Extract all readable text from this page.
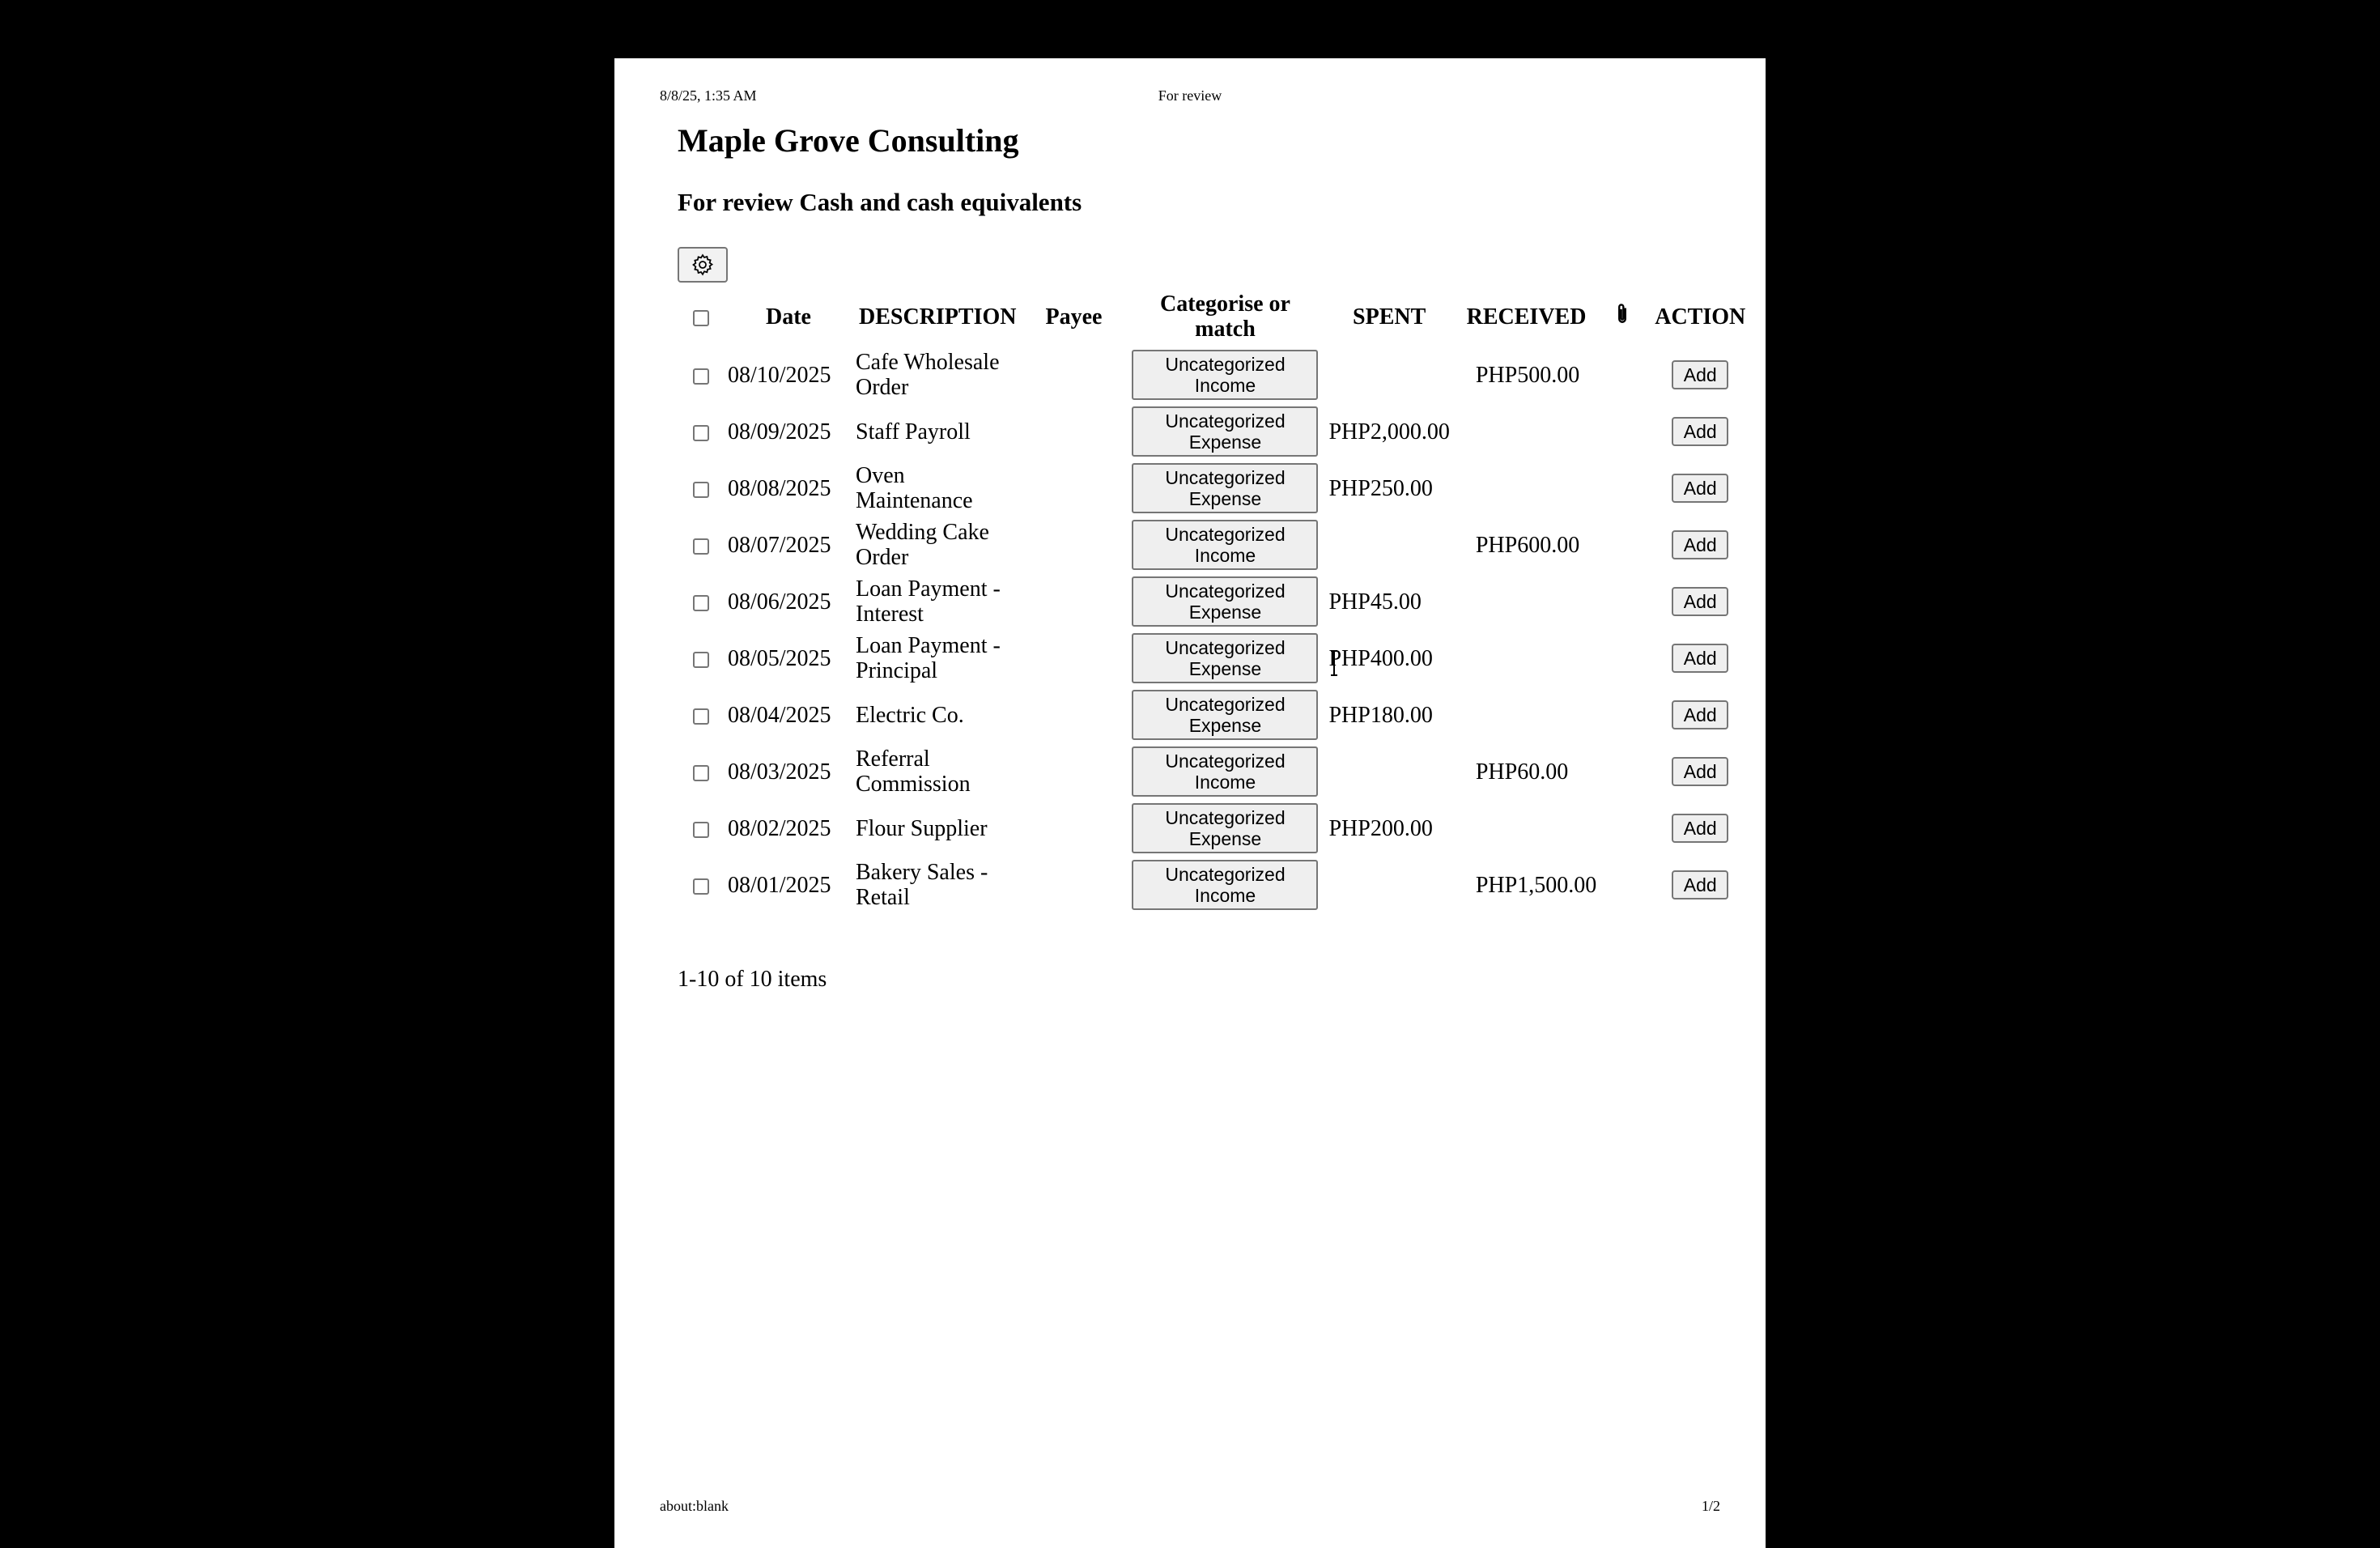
8/8/25, 1:35 AM	For review
Maple Grove Consulting
For review Cash and cash equivalents
	Date	DESCRIPTION	Payee	Categorise or match	SPENT	RECEIVED		ACTION
	08/10/2025	Cafe Wholesale Order		Uncategorized Income		PHP500.00		Add
	08/09/2025	Staff Payroll		Uncategorized Expense	PHP2,000.00			Add
	08/08/2025	Oven Maintenance		Uncategorized Expense	PHP250.00			Add
	08/07/2025	Wedding Cake Order		Uncategorized Income		PHP600.00		Add
	08/06/2025	Loan Payment - Interest		Uncategorized Expense	PHP45.00			Add
	08/05/2025	Loan Payment - Principal		Uncategorized Expense	PHP400.00			Add
	08/04/2025	Electric Co.		Uncategorized Expense	PHP180.00			Add
	08/03/2025	Referral Commission		Uncategorized Income		PHP60.00		Add
	08/02/2025	Flour Supplier		Uncategorized Expense	PHP200.00			Add
	08/01/2025	Bakery Sales - Retail		Uncategorized Income		PHP1,500.00		Add
1-10 of 10 items
about:blank	1/2
